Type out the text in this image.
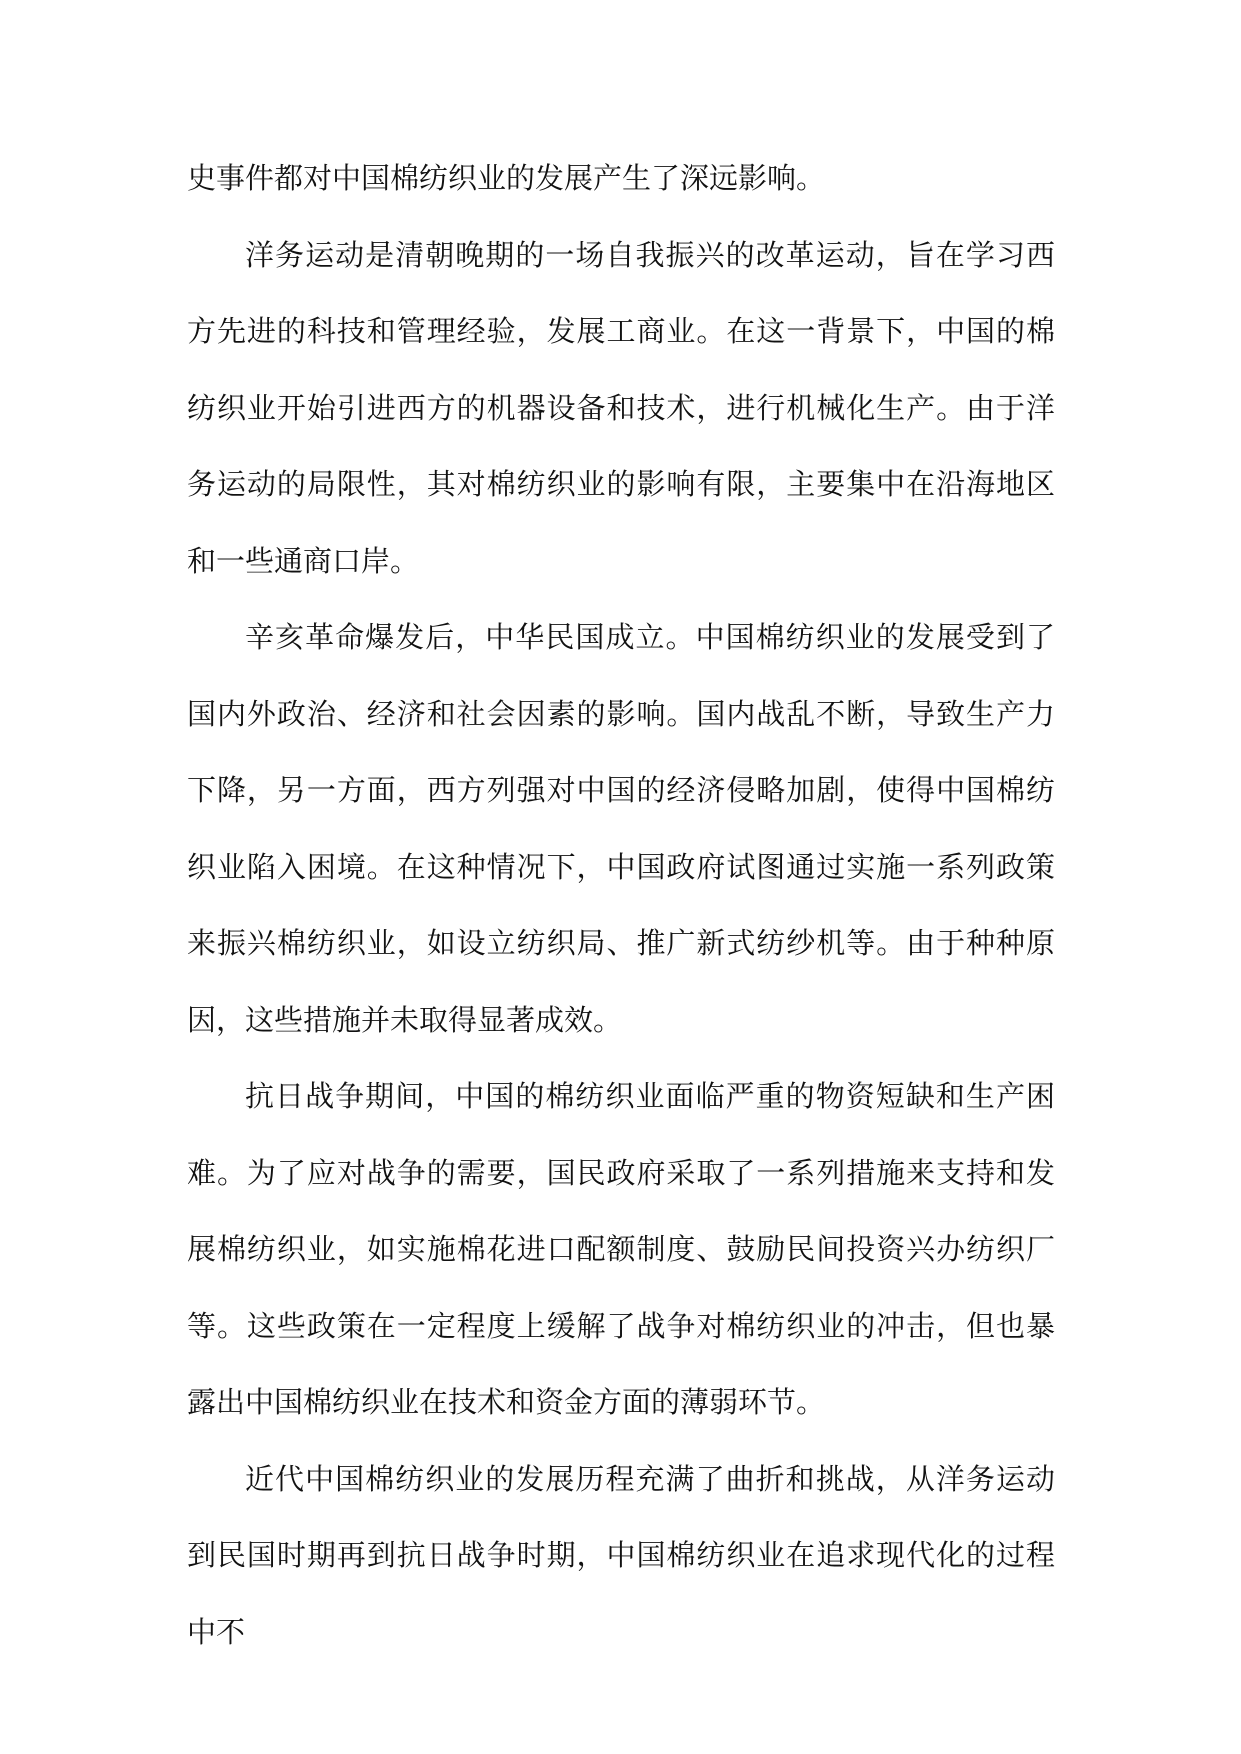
史事件都对中国棉纺织业的发展产生了深远影响。

洋务运动是清朝晚期的一场自我振兴的改革运动，旨在学习西方先进的科技和管理经验，发展工商业。在这一背景下，中国的棉纺织业开始引进西方的机器设备和技术，进行机械化生产。由于洋务运动的局限性，其对棉纺织业的影响有限，主要集中在沿海地区和一些通商口岸。

辛亥革命爆发后，中华民国成立。中国棉纺织业的发展受到了国内外政治、经济和社会因素的影响。国内战乱不断，导致生产力下降，另一方面，西方列强对中国的经济侵略加剧，使得中国棉纺织业陷入困境。在这种情况下，中国政府试图通过实施一系列政策来振兴棉纺织业，如设立纺织局、推广新式纺纱机等。由于种种原因，这些措施并未取得显著成效。

抗日战争期间，中国的棉纺织业面临严重的物资短缺和生产困难。为了应对战争的需要，国民政府采取了一系列措施来支持和发展棉纺织业，如实施棉花进口配额制度、鼓励民间投资兴办纺织厂等。这些政策在一定程度上缓解了战争对棉纺织业的冲击，但也暴露出中国棉纺织业在技术和资金方面的薄弱环节。

近代中国棉纺织业的发展历程充满了曲折和挑战，从洋务运动到民国时期再到抗日战争时期，中国棉纺织业在追求现代化的过程中不
